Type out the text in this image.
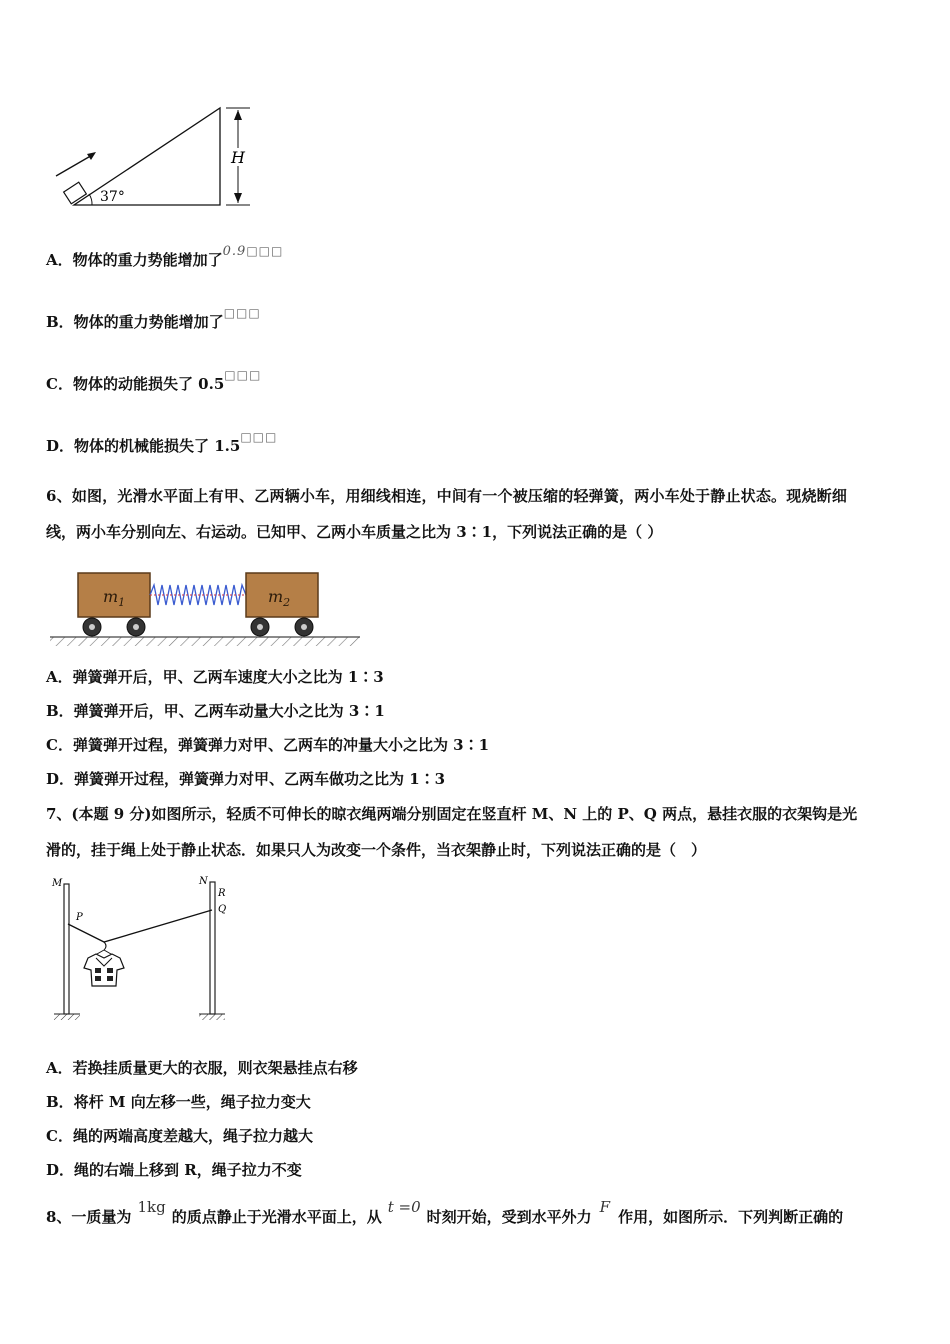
37°
H
A．物体的重力势能增加了0.9□□□
B．物体的重力势能增加了□□□
C．物体的动能损失了 0.5□□□
D．物体的机械能损失了 1.5□□□
6、如图，光滑水平面上有甲、乙两辆小车，用细线相连，中间有一个被压缩的轻弹簧，两小车处于静止状态。现烧断细
线，两小车分别向左、右运动。已知甲、乙两小车质量之比为 3∶1，下列说法正确的是（ ）
$m_1$	$m_2$
A．弹簧弹开后，甲、乙两车速度大小之比为 1∶3
B．弹簧弹开后，甲、乙两车动量大小之比为 3∶1
C．弹簧弹开过程，弹簧弹力对甲、乙两车的冲量大小之比为 3∶1
D．弹簧弹开过程，弹簧弹力对甲、乙两车做功之比为 1∶3
7、(本题 9 分)如图所示，轻质不可伸长的晾衣绳两端分别固定在竖直杆 M、N 上的 P、Q 两点，悬挂衣服的衣架钩是光
滑的，挂于绳上处于静止状态．如果只人为改变一个条件，当衣架静止时，下列说法正确的是（　）
M	N
R
Q
P
A．若换挂质量更大的衣服，则衣架悬挂点右移
B．将杆 M 向左移一些，绳子拉力变大
C．绳的两端高度差越大，绳子拉力越大
D．绳的右端上移到 R，绳子拉力不变
8、一质量为1kg的质点静止于光滑水平面上，从t =0时刻开始，受到水平外力F作用，如图所示．下列判断正确的
